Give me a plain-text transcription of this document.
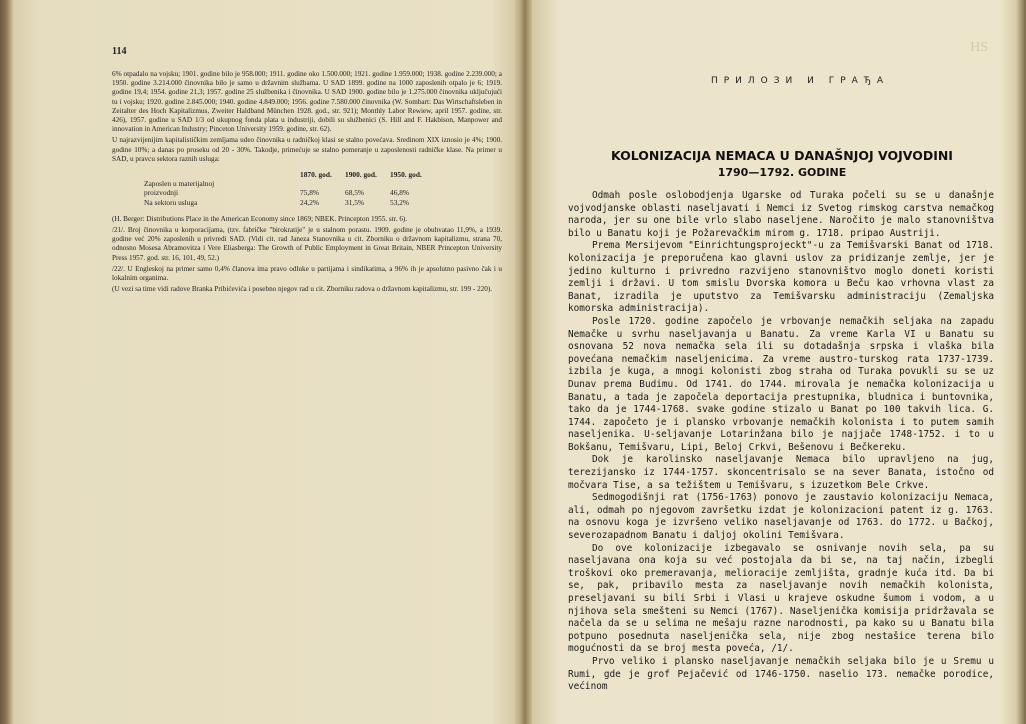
114

6% otpadalo na vojsku; 1901. godine bilo je 958.000; 1911. godine oko 1.500.000; 1921. godine 1.959.000; 1938. godine 2.239.000; a 1950. godine 3.214.000 činovnika bilo je samo u državnim službama. U SAD 1899. godine na 1000 zaposlenih otpalo je 6; 1919. godine 19,4; 1954. godine 21,3; 1957. godine 25 službenika i činovnika. U SAD 1900. godine bilo je 1.275.000 činovnika uključujući tu i vojsku; 1920. godine 2.845.000; 1940. godine 4.849.000; 1956. godine 7.580.000 činovnika (W. Sombart: Das Wirtschaftsleben in Zeitalter des Hoch Kapitalizmus, Zweiter Haldband München 1928. god., str. 921); Monthly Labor Rewiew, april 1957. godine, str. 426), 1957. godine u SAD 1/3 od ukupnog fonda plata u industriji, dobili su službenici (S. Hill and F. Hakbison, Manpower and innovation in American Industry; Pinceton University 1959. godine, str. 62).

U najrazvijenijim kapitalističkim zemljama udeo činovnika u radničkoj klasi se stalno povećava. Sredinom XIX iznosio je 4%; 1900. godine 10%; a danas po proseku od 20 - 30%. Takodje, primećuje se stalno pomeranje u zaposlenosti radničke klase. Na primer u SAD, u pravcu sektora raznih usluga:

1870. god.	1900. god.	1950. god.
Zaposlen u materijalnoj
proizvodnji	75,8%	68,5%	46,8%
Na sektoru usluga	24,2%	31,5%	53,2%

(H. Berger: Distributions Place in the American Economy since 1869; NBEK. Princepton 1955. str. 6).

/21/. Broj činovnika u korporacijama, (tzv. fabričke "birokratije" je u stalnom porastu. 1909. godine je obuhvatao 11,9%, a 1939. godine već 20% zaposlenih u privredi SAD. (Vidi cit. rad Janeza Stanovnika u cit. Zborniku o državnom kapitalizmu, strana 70, odnosno Mosesa Abramovitza i Vere Eliasberga: The Growth of Public Employment in Great Britain, NBER Princepton University Press 1957. god. str. 16, 101, 49, 52.)

/22/. U Engleskoj na primer samo 0,4% članova ima pravo odluke u partijama i sindikatima, a 96% ih je apsolutno pasivno čak i u lokalnim organima.

(U vezi sa time vidi radove Branka Pribićevića i posebno njegov rad u cit. Zborniku radova o državnom kapitalizmu, str. 199 - 220).

HS
ПРИЛОЗИ И ГРАЂА
KOLONIZACIJA NEMACA U DANAŠNJOJ VOJVODINI
1790—1792. GODINE

Odmah posle oslobodjenja Ugarske od Turaka počeli su se u današnje vojvodjanske oblasti naseljavati i Nemci iz Svetog rimskog carstva nemačkog naroda, jer su one bile vrlo slabo naseljene. Naročito je malo stanovništva bilo u Banatu koji je Požarevačkim mirom g. 1718. pripao Austriji.

Prema Mersijevom "Einrichtungsprojeckt"-u za Temišvarski Banat od 1718. kolonizacija je preporučena kao glavni uslov za pridizanje zemlje, jer je jedino kulturno i privredno razvijeno stanovništvo moglo doneti koristi zemlji i državi. U tom smislu Dvorska komora u Beču kao vrhovna vlast za Banat, izradila je uputstvo za Temišvarsku administraciju (Zemaljska komorska administracija).

Posle 1720. godine započelo je vrbovanje nemačkih seljaka na zapadu Nemačke u svrhu naseljavanja u Banatu. Za vreme Karla VI u Banatu su osnovana 52 nova nemačka sela ili su dotadašnja srpska i vlaška bila povećana nemačkim naseljenicima. Za vreme austro-turskog rata 1737-1739. izbila je kuga, a mnogi kolonisti zbog straha od Turaka povukli su se uz Dunav prema Budimu. Od 1741. do 1744. mirovala je nemačka kolonizacija u Banatu, a tada je započela deportacija prestupnika, bludnica i buntovnika, tako da je 1744-1768. svake godine stizalo u Banat po 100 takvih lica. G. 1744. započeto je i plansko vrbovanje nemačkih kolonista i to putem samih naseljenika. U-seljavanje Lotarinžana bilo je najjače 1748-1752. i to u Bokšanu, Temišvaru, Lipi, Beloj Crkvi, Bešenovu i Bečkereku.

Dok je karolinsko naseljavanje Nemaca bilo upravljeno na jug, terezijansko iz 1744-1757. skoncentrisalo se na sever Banata, istočno od močvara Tise, a sa težištem u Temišvaru, s izuzetkom Bele Crkve.

Sedmogodišnji rat (1756-1763) ponovo je zaustavio kolonizaciju Nemaca, ali, odmah po njegovom završetku izdat je kolonizacioni patent iz g. 1763. na osnovu koga je izvršeno veliko naseljavanje od 1763. do 1772. u Bačkoj, severozapadnom Banatu i daljoj okolini Temišvara.

Do ove kolonizacije izbegavalo se osnivanje novih sela, pa su naseljavana ona koja su već postojala da bi se, na taj način, izbegli troškovi oko premeravanja, melioracije zemljišta, gradnje kuća itd. Da bi se, pak, pribavilo mesta za naseljavanje novih nemačkih kolonista, preseljavani su bili Srbi i Vlasi u krajeve oskudne šumom i vodom, a u njihova sela smešteni su Nemci (1767). Naseljenička komisija pridržavala se načela da se u selima ne mešaju razne narodnosti, pa kako su u Banatu bila potpuno posednuta naseljenička sela, nije zbog nestašice terena bilo mogućnosti da se broj mesta poveća, /1/.

Prvo veliko i plansko naseljavanje nemačkih seljaka bilo je u Sremu u Rumi, gde je grof Pejačević od 1746-1750. naselio 173. nemačke porodice, većinom
